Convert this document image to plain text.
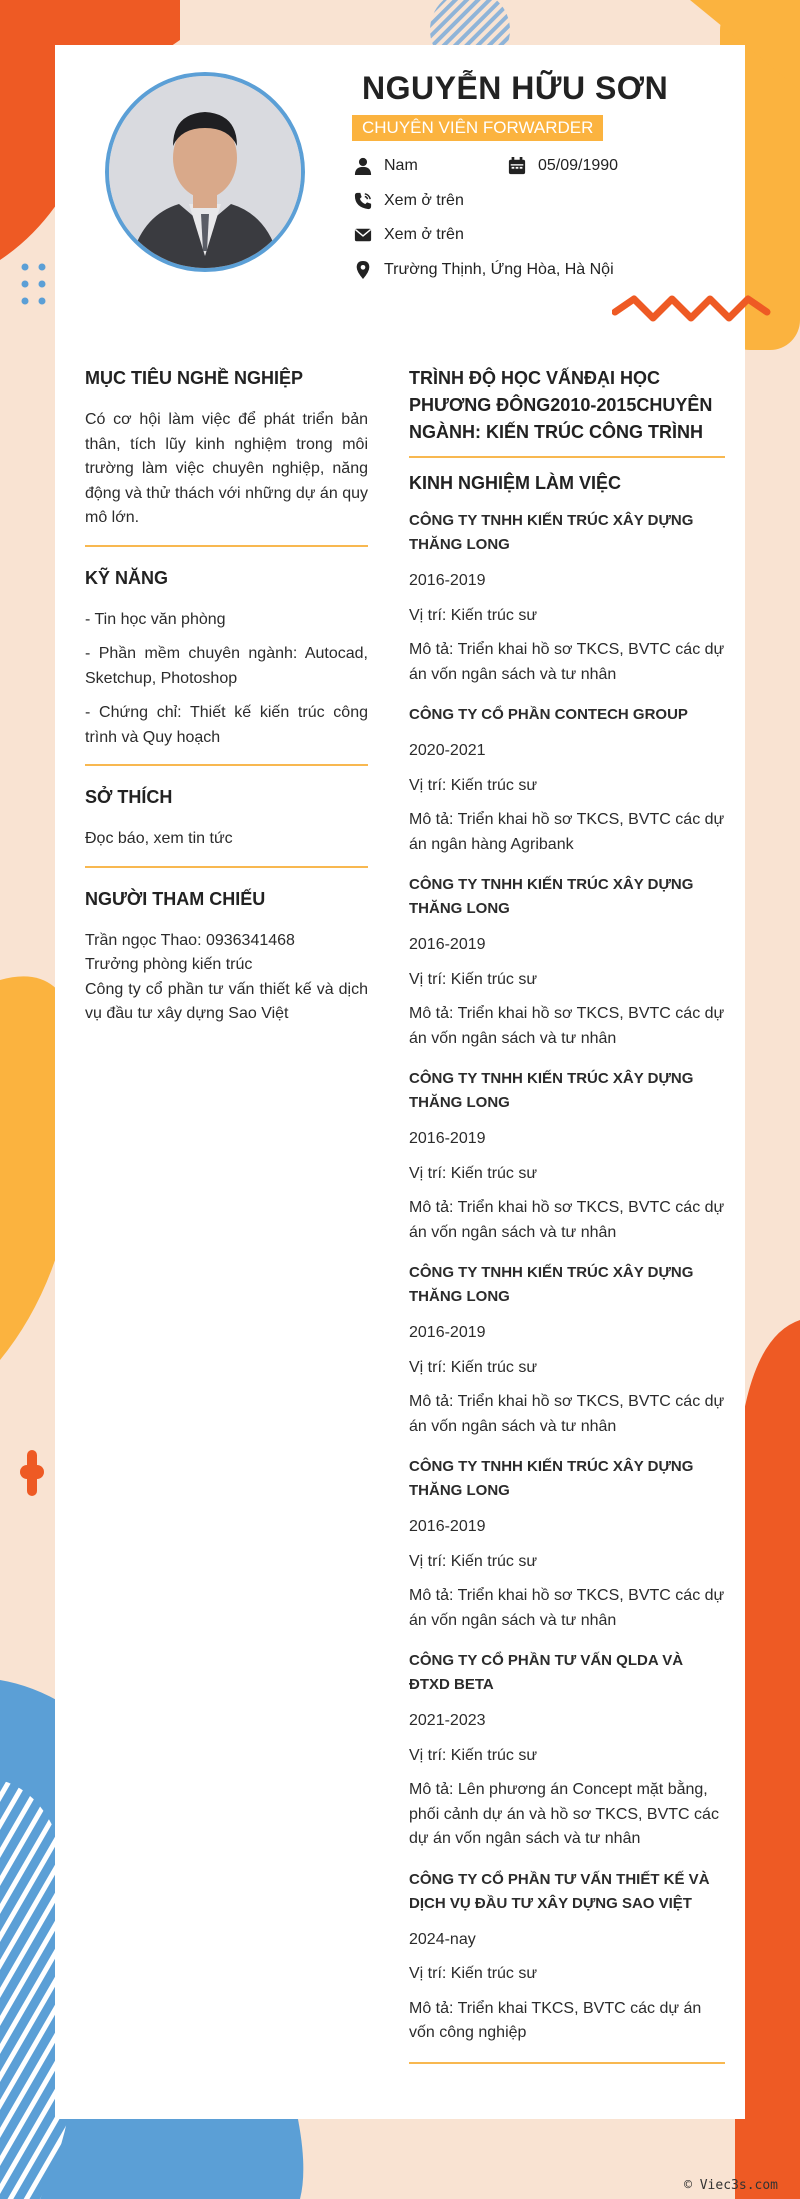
NGUYỄN HỮU SƠN
CHUYÊN VIÊN FORWARDER
Nam	05/09/1990
Xem ở trên
Xem ở trên
Trường Thịnh, Ứng Hòa, Hà Nội
MỤC TIÊU NGHỀ NGHIỆP

Có cơ hội làm việc để phát triển bản thân, tích lũy kinh nghiệm trong môi trường làm việc chuyên nghiệp, năng động và thử thách với những dự án quy mô lớn.

KỸ NĂNG

- Tin học văn phòng

- Phần mềm chuyên ngành: Autocad, Sketchup, Photoshop

- Chứng chỉ: Thiết kế kiến trúc công trình và Quy hoạch

SỞ THÍCH

Đọc báo, xem tin tức

NGƯỜI THAM CHIẾU

Trần ngọc Thao: 0936341468

Trưởng phòng kiến trúc

Công ty cổ phần tư vấn thiết kế và dịch vụ đầu tư xây dựng Sao Việt

TRÌNH ĐỘ HỌC VẤNĐẠI HỌC PHƯƠNG ĐÔNG2010-2015CHUYÊN NGÀNH: KIẾN TRÚC CÔNG TRÌNH
KINH NGHIỆM LÀM VIỆC

CÔNG TY TNHH KIẾN TRÚC XÂY DỰNG THĂNG LONG

2016-2019

Vị trí: Kiến trúc sư

Mô tả: Triển khai hồ sơ TKCS, BVTC các dự án vốn ngân sách và tư nhân

CÔNG TY CỔ PHẦN CONTECH GROUP

2020-2021

Vị trí: Kiến trúc sư

Mô tả: Triển khai hồ sơ TKCS, BVTC các dự án ngân hàng Agribank

CÔNG TY TNHH KIẾN TRÚC XÂY DỰNG THĂNG LONG

2016-2019

Vị trí: Kiến trúc sư

Mô tả: Triển khai hồ sơ TKCS, BVTC các dự án vốn ngân sách và tư nhân

CÔNG TY TNHH KIẾN TRÚC XÂY DỰNG THĂNG LONG

2016-2019

Vị trí: Kiến trúc sư

Mô tả: Triển khai hồ sơ TKCS, BVTC các dự án vốn ngân sách và tư nhân

CÔNG TY TNHH KIẾN TRÚC XÂY DỰNG THĂNG LONG

2016-2019

Vị trí: Kiến trúc sư

Mô tả: Triển khai hồ sơ TKCS, BVTC các dự án vốn ngân sách và tư nhân

CÔNG TY TNHH KIẾN TRÚC XÂY DỰNG THĂNG LONG

2016-2019

Vị trí: Kiến trúc sư

Mô tả: Triển khai hồ sơ TKCS, BVTC các dự án vốn ngân sách và tư nhân

CÔNG TY CỔ PHẦN TƯ VẤN QLDA VÀ ĐTXD BETA

2021-2023

Vị trí: Kiến trúc sư

Mô tả: Lên phương án Concept mặt bằng, phối cảnh dự án và hồ sơ TKCS, BVTC các dự án vốn ngân sách và tư nhân

CÔNG TY CỔ PHẦN TƯ VẤN THIẾT KẾ VÀ DỊCH VỤ ĐẦU TƯ XÂY DỰNG SAO VIỆT

2024-nay

Vị trí: Kiến trúc sư

Mô tả: Triển khai TKCS, BVTC các dự án vốn công nghiệp

© Viec3s.com
